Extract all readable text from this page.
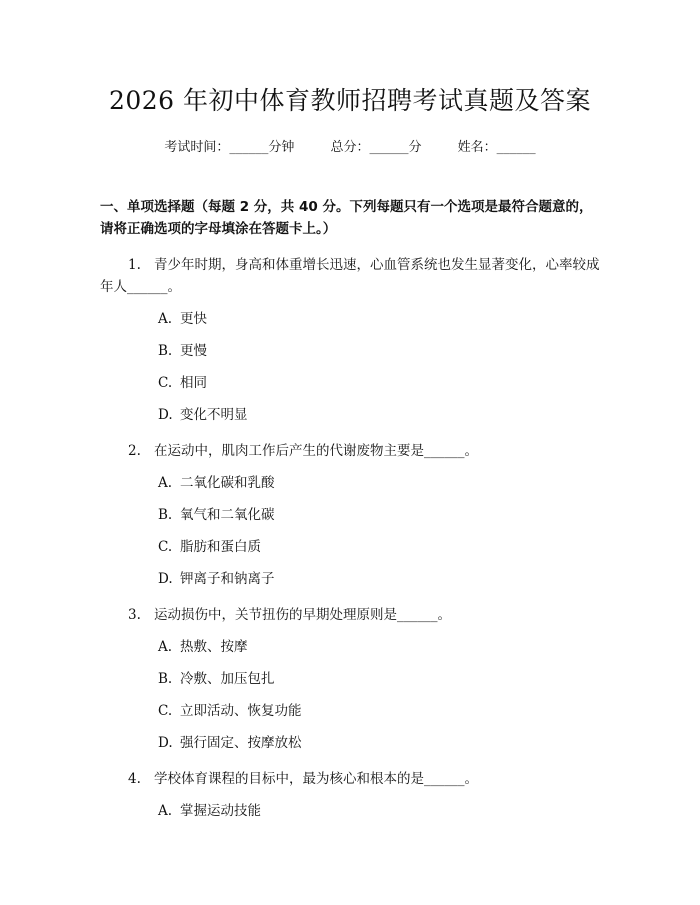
2026 年初中体育教师招聘考试真题及答案
考试时间：______分钟	总分：______分	姓名：______
一、单项选择题（每题 2 分，共 40 分。下列每题只有一个选项是最符合题意的，请将正确选项的字母填涂在答题卡上。）
1. 青少年时期，身高和体重增长迅速，心血管系统也发生显著变化，心率较成年人______。
A. 更快
B. 更慢
C. 相同
D. 变化不明显
2. 在运动中，肌肉工作后产生的代谢废物主要是______。
A. 二氧化碳和乳酸
B. 氧气和二氧化碳
C. 脂肪和蛋白质
D. 钾离子和钠离子
3. 运动损伤中，关节扭伤的早期处理原则是______。
A. 热敷、按摩
B. 冷敷、加压包扎
C. 立即活动、恢复功能
D. 强行固定、按摩放松
4. 学校体育课程的目标中，最为核心和根本的是______。
A. 掌握运动技能
